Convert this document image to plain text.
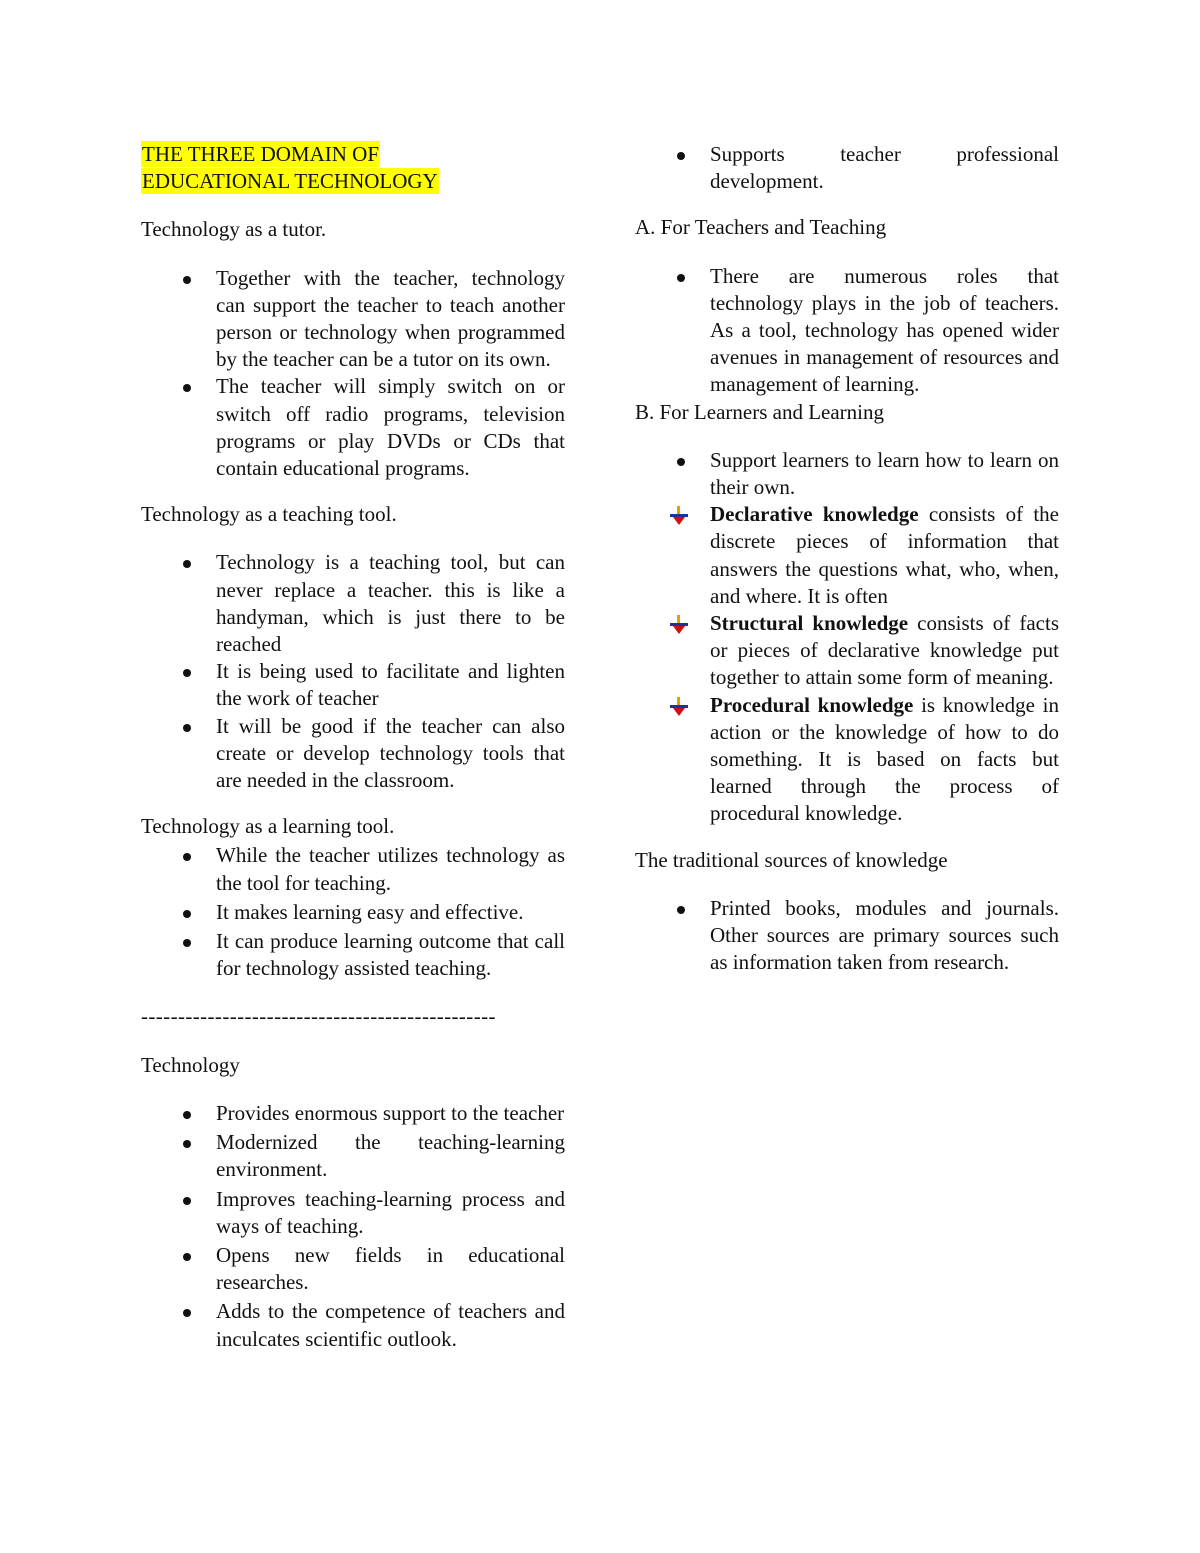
THE THREE DOMAIN OF
EDUCATIONAL TECHNOLOGY

Technology as a tutor.

Together with the teacher, technology can support the teacher to teach another person or technology when programmed by the teacher can be a tutor on its own.
The teacher will simply switch on or switch off radio programs, television programs or play DVDs or CDs that contain educational programs.

Technology as a teaching tool.

Technology is a teaching tool, but can never replace a teacher. this is like a handyman, which is just there to be reached
It is being used to facilitate and lighten the work of teacher
It will be good if the teacher can also create or develop technology tools that are needed in the classroom.

Technology as a learning tool.

While the teacher utilizes technology as the tool for teaching.
It makes learning easy and effective.
It can produce learning outcome that call for technology assisted teaching.

------------------------------------------------

Technology

Provides enormous support to the teacher
Modernized the teaching-learning environment.
Improves teaching-learning process and ways of teaching.
Opens new fields in educational researches.
Adds to the competence of teachers and inculcates scientific outlook.
Supports teacher professional development.

A. For Teachers and Teaching

There are numerous roles that technology plays in the job of teachers. As a tool, technology has opened wider avenues in management of resources and management of learning.

B. For Learners and Learning

Support learners to learn how to learn on their own.
Declarative knowledge consists of the discrete pieces of information that answers the questions what, who, when, and where. It is often
Structural knowledge consists of facts or pieces of declarative knowledge put together to attain some form of meaning.
Procedural knowledge is knowledge in action or the knowledge of how to do something. It is based on facts but learned through the process of procedural knowledge.

The traditional sources of knowledge

Printed books, modules and journals. Other sources are primary sources such as information taken from research.
